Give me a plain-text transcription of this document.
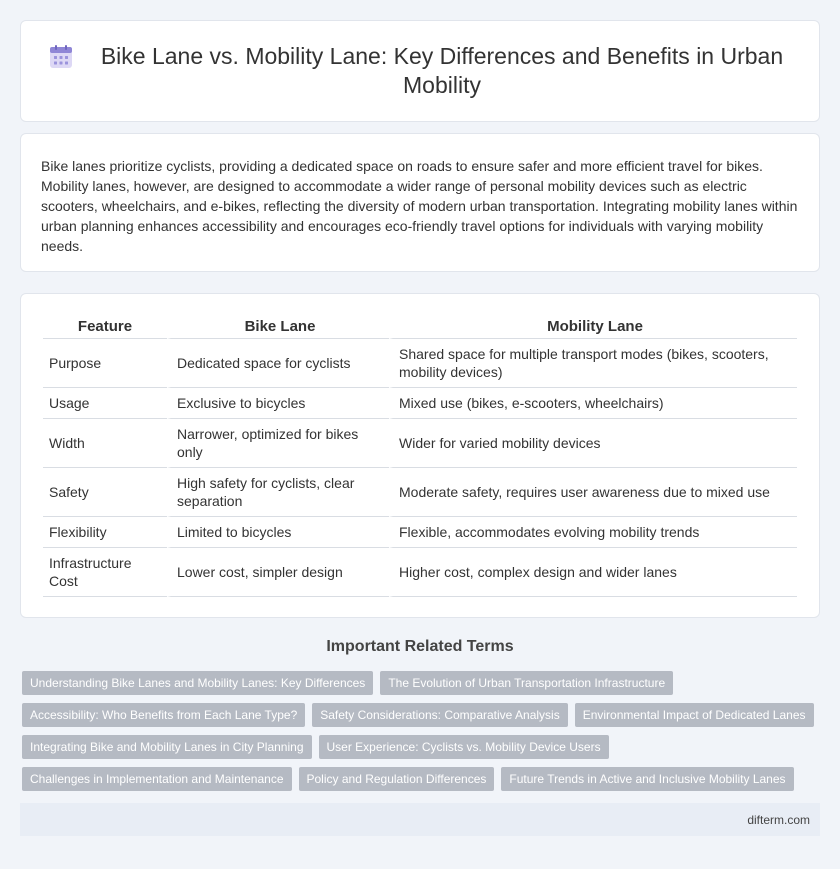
Bike Lane vs. Mobility Lane: Key Differences and Benefits in Urban Mobility

Bike lanes prioritize cyclists, providing a dedicated space on roads to ensure safer and more efficient travel for bikes. Mobility lanes, however, are designed to accommodate a wider range of personal mobility devices such as electric scooters, wheelchairs, and e-bikes, reflecting the diversity of modern urban transportation. Integrating mobility lanes within urban planning enhances accessibility and encourages eco-friendly travel options for individuals with varying mobility needs.

Feature	Bike Lane	Mobility Lane
Purpose	Dedicated space for cyclists	Shared space for multiple transport modes (bikes, scooters, mobility devices)
Usage	Exclusive to bicycles	Mixed use (bikes, e-scooters, wheelchairs)
Width	Narrower, optimized for bikes only	Wider for varied mobility devices
Safety	High safety for cyclists, clear separation	Moderate safety, requires user awareness due to mixed use
Flexibility	Limited to bicycles	Flexible, accommodates evolving mobility trends
Infrastructure Cost	Lower cost, simpler design	Higher cost, complex design and wider lanes
Important Related Terms
Understanding Bike Lanes and Mobility Lanes: Key Differences	The Evolution of Urban Transportation Infrastructure
Accessibility: Who Benefits from Each Lane Type?	Safety Considerations: Comparative Analysis	Environmental Impact of Dedicated Lanes
Integrating Bike and Mobility Lanes in City Planning	User Experience: Cyclists vs. Mobility Device Users
Challenges in Implementation and Maintenance	Policy and Regulation Differences	Future Trends in Active and Inclusive Mobility Lanes
difterm.com
